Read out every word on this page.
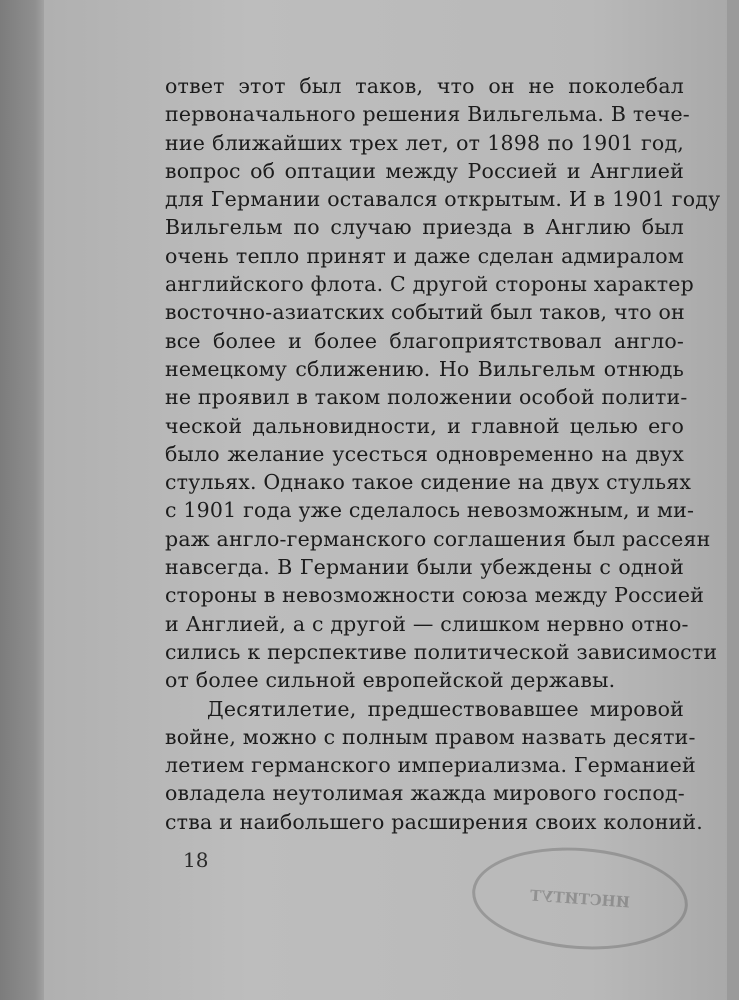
ответ этот был таков, что он не поколебал
первоначального решения Вильгельма. В тече-
ние ближайших трех лет, от 1898 по 1901 год,
вопрос об оптации между Россией и Англией
для Германии оставался открытым. И в 1901 году
Вильгельм по случаю приезда в Англию был
очень тепло принят и даже сделан адмиралом
английского флота. С другой стороны характер
восточно-азиатских событий был таков, что он
все более и более благоприятствовал англо-
немецкому сближению. Но Вильгельм отнюдь
не проявил в таком положении особой полити-
ческой дальновидности, и главной целью его
было желание усесться одновременно на двух
стульях. Однако такое сидение на двух стульях
с 1901 года уже сделалось невозможным, и ми-
раж англо-германского соглашения был рассеян
навсегда. В Германии были убеждены с одной
стороны в невозможности союза между Россией
и Англией, а с другой — слишком нервно отно-
сились к перспективе политической зависимости
от более сильной европейской державы.
Десятилетие, предшествовавшее мировой
войне, можно с полным правом назвать десяти-
летием германского империализма. Германией
овладела неутолимая жажда мирового господ-
ства и наибольшего расширения своих колоний.
18
ИНСТИТУТ
